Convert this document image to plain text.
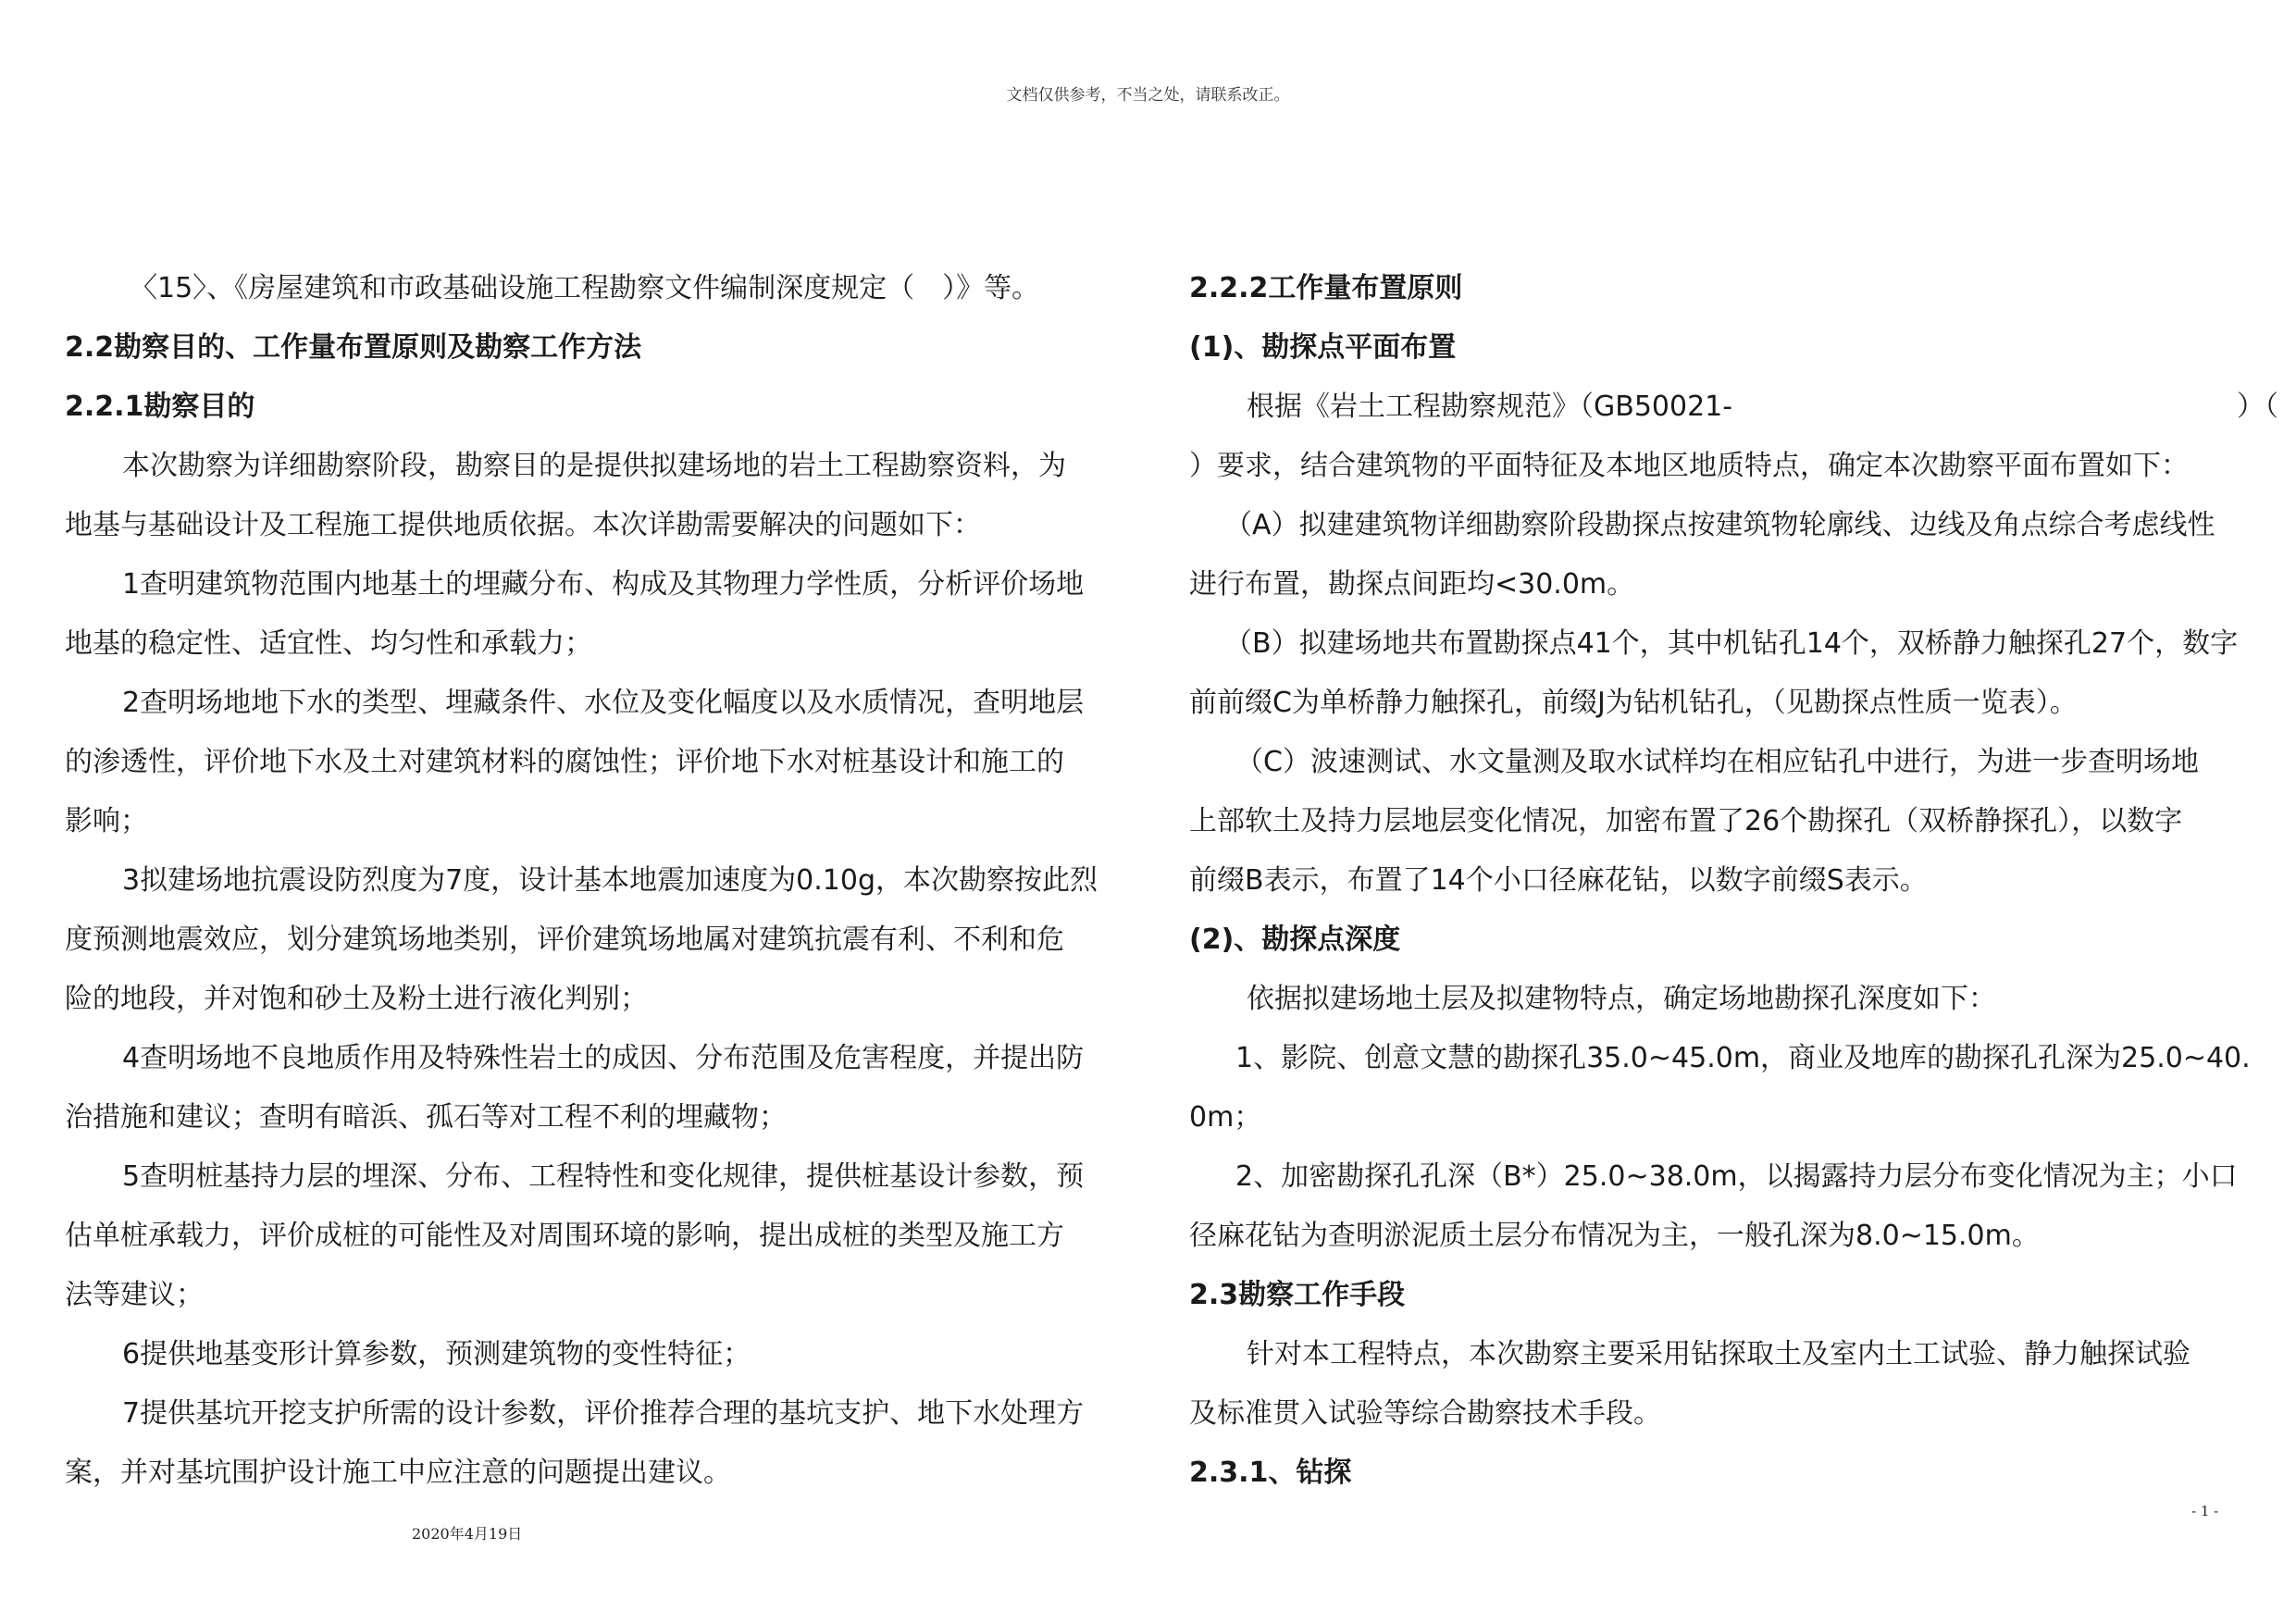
文档仅供参考，不当之处，请联系改正。
〈15〉、《房屋建筑和市政基础设施工程勘察文件编制深度规定（　）》等。
2.2勘察目的、工作量布置原则及勘察工作方法
2.2.1勘察目的
本次勘察为详细勘察阶段，勘察目的是提供拟建场地的岩土工程勘察资料，为
地基与基础设计及工程施工提供地质依据。本次详勘需要解决的问题如下：
1查明建筑物范围内地基土的埋藏分布、构成及其物理力学性质，分析评价场地
地基的稳定性、适宜性、均匀性和承载力；
2查明场地地下水的类型、埋藏条件、水位及变化幅度以及水质情况，查明地层
的渗透性，评价地下水及土对建筑材料的腐蚀性；评价地下水对桩基设计和施工的
影响；
3拟建场地抗震设防烈度为7度，设计基本地震加速度为0.10g，本次勘察按此烈
度预测地震效应，划分建筑场地类别，评价建筑场地属对建筑抗震有利、不利和危
险的地段，并对饱和砂土及粉土进行液化判别；
4查明场地不良地质作用及特殊性岩土的成因、分布范围及危害程度，并提出防
治措施和建议；查明有暗浜、孤石等对工程不利的埋藏物；
5查明桩基持力层的埋深、分布、工程特性和变化规律，提供桩基设计参数，预
估单桩承载力，评价成桩的可能性及对周围环境的影响，提出成桩的类型及施工方
法等建议；
6提供地基变形计算参数，预测建筑物的变性特征；
7提供基坑开挖支护所需的设计参数，评价推荐合理的基坑支护、地下水处理方
案，并对基坑围护设计施工中应注意的问题提出建议。
2.2.2工作量布置原则
(1)、勘探点平面布置
根据《岩土工程勘察规范》（GB50021-	）（
）要求，结合建筑物的平面特征及本地区地质特点，确定本次勘察平面布置如下：
（A）拟建建筑物详细勘察阶段勘探点按建筑物轮廓线、边线及角点综合考虑线性
进行布置，勘探点间距均<30.0m。
（B）拟建场地共布置勘探点41个，其中机钻孔14个，双桥静力触探孔27个，数字
前前缀C为单桥静力触探孔，前缀J为钻机钻孔，（见勘探点性质一览表）。
（C）波速测试、水文量测及取水试样均在相应钻孔中进行，为进一步查明场地
上部软土及持力层地层变化情况，加密布置了26个勘探孔（双桥静探孔），以数字
前缀B表示，布置了14个小口径麻花钻，以数字前缀S表示。
(2)、勘探点深度
依据拟建场地土层及拟建物特点，确定场地勘探孔深度如下：
1、影院、创意文慧的勘探孔35.0~45.0m，商业及地库的勘探孔孔深为25.0~40.
0m；
2、加密勘探孔孔深（B*）25.0~38.0m，以揭露持力层分布变化情况为主；小口
径麻花钻为查明淤泥质土层分布情况为主，一般孔深为8.0~15.0m。
2.3勘察工作手段
针对本工程特点，本次勘察主要采用钻探取土及室内土工试验、静力触探试验
及标准贯入试验等综合勘察技术手段。
2.3.1、钻探
2020年4月19日
- 1 -
